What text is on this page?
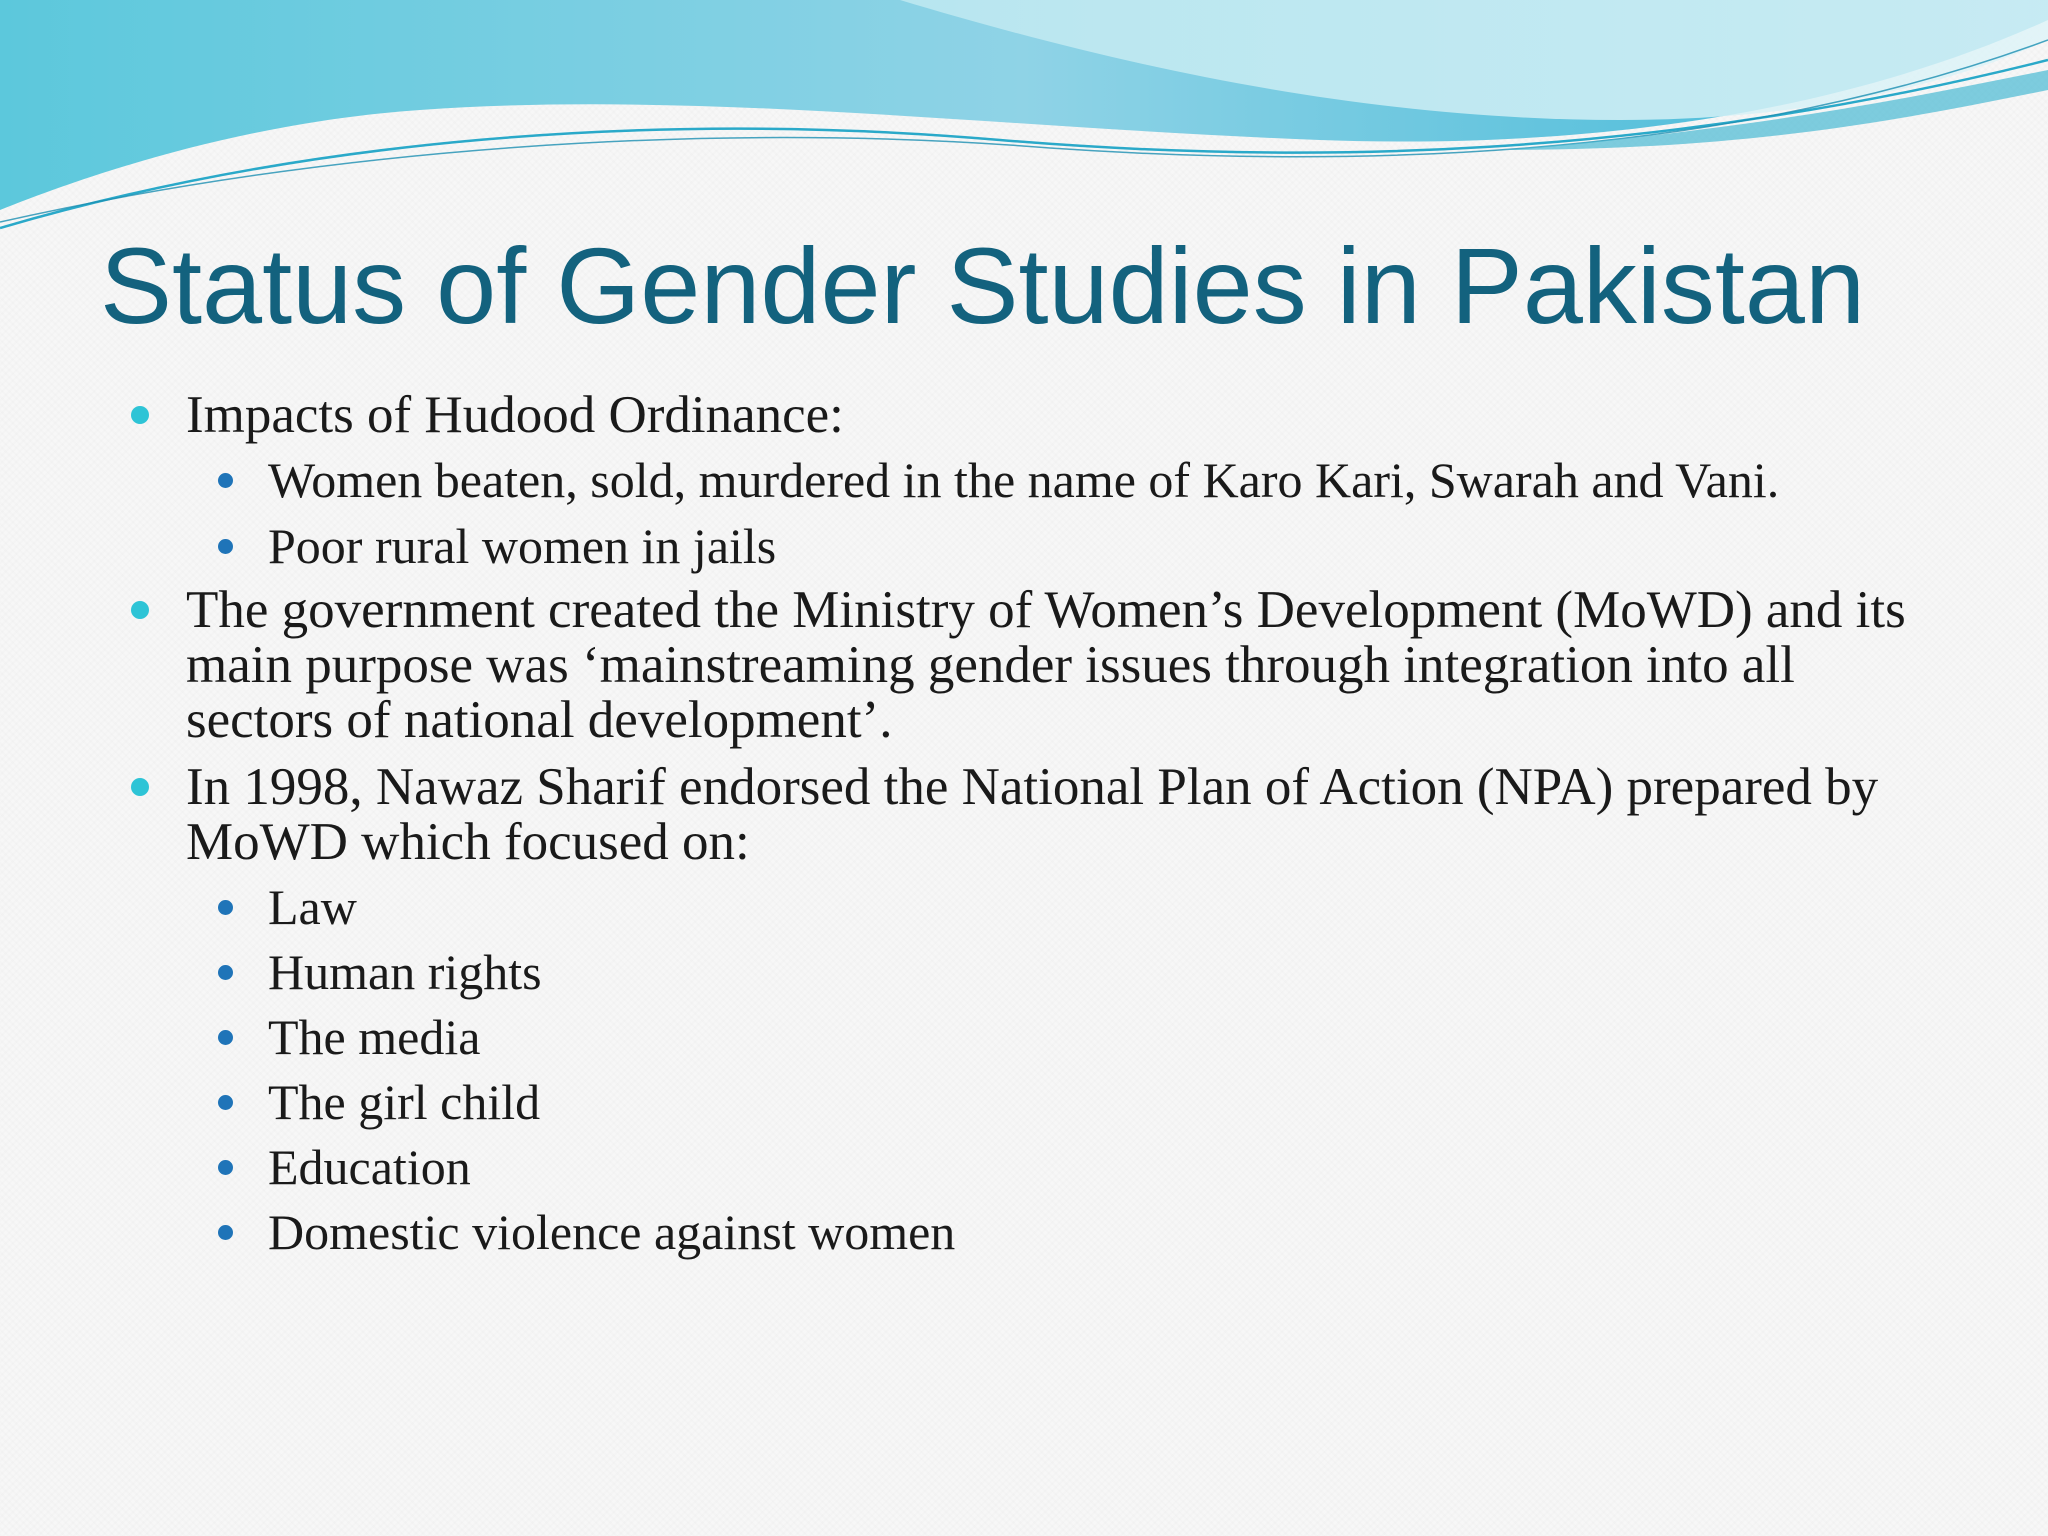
Status of Gender Studies in Pakistan
Impacts of Hudood Ordinance:
Women beaten, sold, murdered in the name of Karo Kari, Swarah and Vani.
Poor rural women in jails
The government created the Ministry of Women’s Development (MoWD) and its main purpose was ‘mainstreaming gender issues through integration into all sectors of national development’.
In 1998, Nawaz Sharif endorsed the National Plan of Action (NPA) prepared by MoWD which focused on:
Law
Human rights
The media
The girl child
Education
Domestic violence against women
